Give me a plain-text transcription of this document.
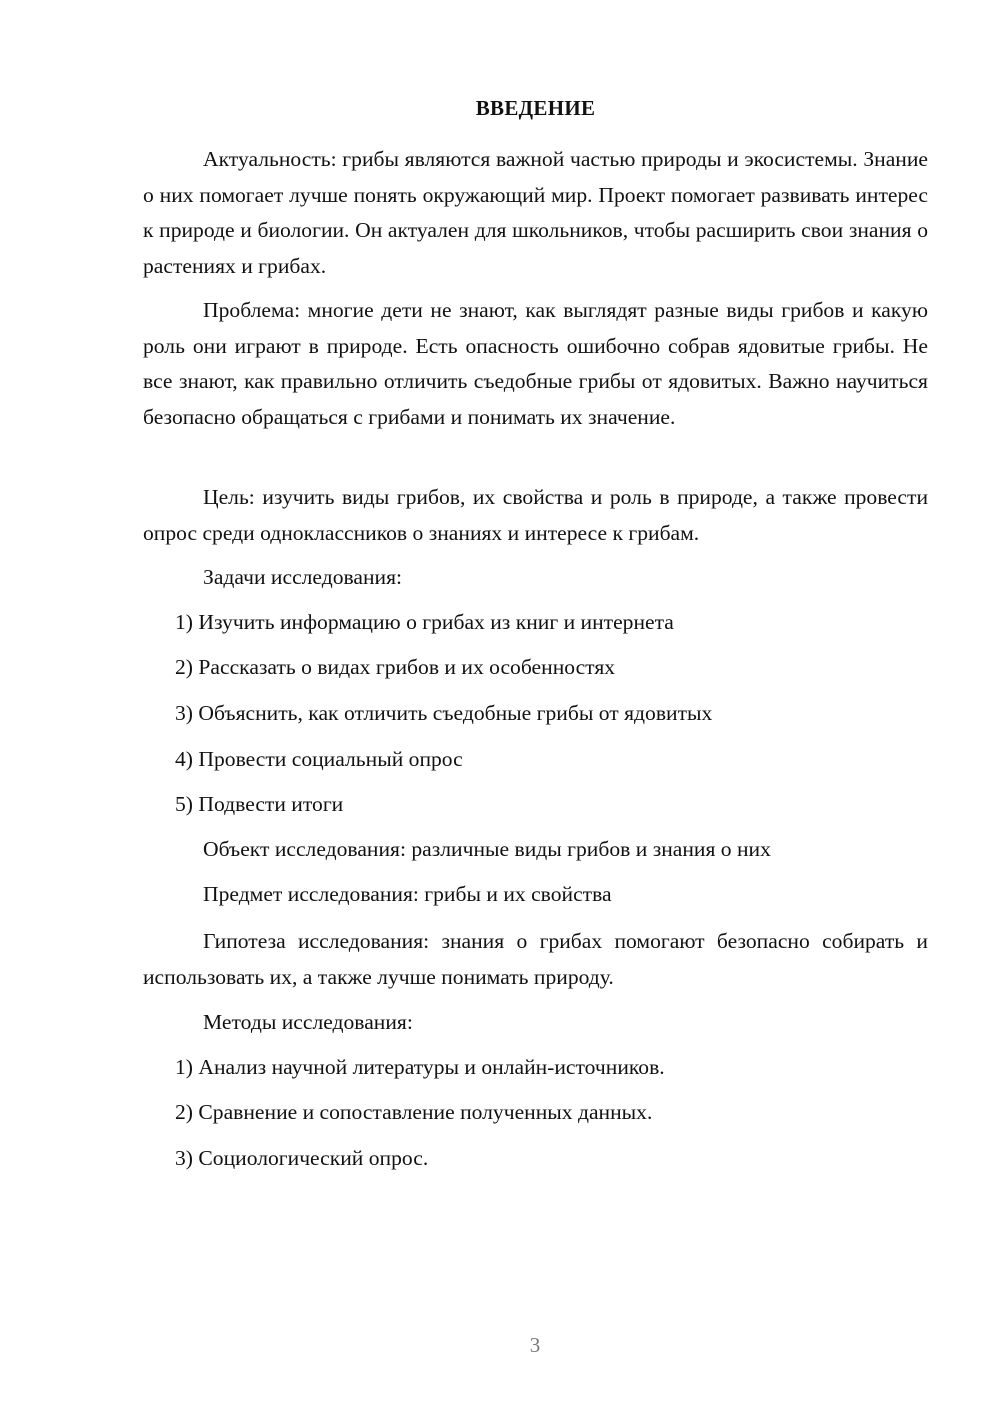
ВВЕДЕНИЕ

Актуальность: грибы являются важной частью природы и экосистемы. Знание о них помогает лучше понять окружающий мир. Проект помогает развивать интерес к природе и биологии. Он актуален для школьников, чтобы расширить свои знания о растениях и грибах.

Проблема: многие дети не знают, как выглядят разные виды грибов и какую роль они играют в природе. Есть опасность ошибочно собрав ядовитые грибы. Не все знают, как правильно отличить съедобные грибы от ядовитых. Важно научиться безопасно обращаться с грибами и понимать их значение.

Цель: изучить виды грибов, их свойства и роль в природе, а также провести опрос среди одноклассников о знаниях и интересе к грибам.

Задачи исследования:
1) Изучить информацию о грибах из книг и интернета
2) Рассказать о видах грибов и их особенностях
3) Объяснить, как отличить съедобные грибы от ядовитых
4) Провести социальный опрос
5) Подвести итоги
Объект исследования: различные виды грибов и знания о них
Предмет исследования: грибы и их свойства

Гипотеза исследования: знания о грибах помогают безопасно собирать и использовать их, а также лучше понимать природу.

Методы исследования:
1) Анализ научной литературы и онлайн-источников.
2) Сравнение и сопоставление полученных данных.
3) Социологический опрос.
3
